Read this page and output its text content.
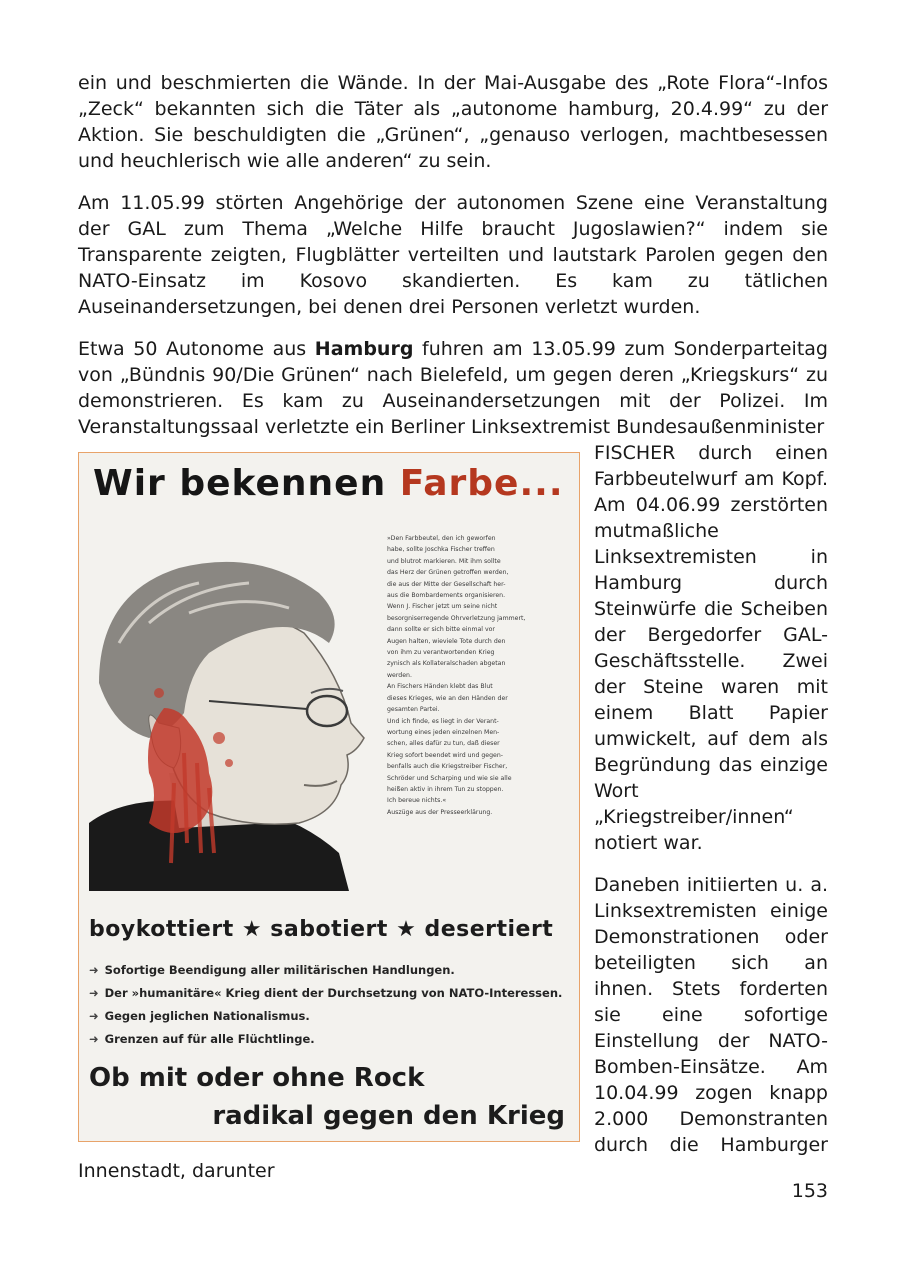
ein und beschmierten die Wände. In der Mai-Ausgabe des „Rote Flora“-Infos „Zeck“ bekannten sich die Täter als „autonome hamburg, 20.4.99“ zu der Aktion. Sie beschuldigten die „Grünen“, „genauso verlogen, machtbesessen und heuchlerisch wie alle anderen“ zu sein.

Am 11.05.99 störten Angehörige der autonomen Szene eine Veranstaltung der GAL zum Thema „Welche Hilfe braucht Jugoslawien?“ indem sie Transparente zeigten, Flugblätter verteilten und lautstark Parolen gegen den NATO-Einsatz im Kosovo skandierten. Es kam zu tätlichen Auseinandersetzungen, bei denen drei Personen verletzt wurden.

Etwa 50 Autonome aus Hamburg fuhren am 13.05.99 zum Sonderparteitag von „Bündnis 90/Die Grünen“ nach Bielefeld, um gegen deren „Kriegskurs“ zu demonstrieren. Es kam zu Auseinandersetzungen mit der Polizei. Im Veranstaltungssaal verletzte ein Berliner Linksextremist Bundesaußenminister

Wir bekennen Farbe...

»Den Farbbeutel, den ich geworfen

habe, sollte Joschka Fischer treffen

und blutrot markieren. Mit ihm sollte

das Herz der Grünen getroffen werden,

die aus der Mitte der Gesellschaft her-

aus die Bombardements organisieren.

Wenn J. Fischer jetzt um seine nicht

besorgniserregende Ohrverletzung jammert,

dann sollte er sich bitte einmal vor

Augen halten, wieviele Tote durch den

von ihm zu verantwortenden Krieg

zynisch als Kollateralschaden abgetan

werden.

An Fischers Händen klebt das Blut

dieses Krieges, wie an den Händen der

gesamten Partei.

Und ich finde, es liegt in der Verant-

wortung eines jeden einzelnen Men-

schen, alles dafür zu tun, daß dieser

Krieg sofort beendet wird und gegen-

benfalls auch die Kriegstreiber Fischer,

Schröder und Scharping und wie sie alle

heißen aktiv in ihrem Tun zu stoppen.

Ich bereue nichts.«

Auszüge aus der Presseerklärung.

boykottiert ★ sabotiert ★ desertiert
➜ Sofortige Beendigung aller militärischen Handlungen.
➜ Der »humanitäre« Krieg dient der Durchsetzung von NATO-Interessen.
➜ Gegen jeglichen Nationalismus.
➜ Grenzen auf für alle Flüchtlinge.
Ob mit oder ohne Rock
radikal gegen den Krieg

FISCHER durch einen Farbbeutelwurf am Kopf. Am 04.06.99 zerstörten mutmaßliche Linksextremisten in Hamburg durch Steinwürfe die Scheiben der Bergedorfer GAL-Geschäftsstelle. Zwei der Steine waren mit einem Blatt Papier umwickelt, auf dem als Begründung das einzige Wort „Kriegstreiber/innen“ notiert war.

Daneben initiierten u. a. Linksextremisten einige Demonstrationen oder beteiligten sich an ihnen. Stets forderten sie eine sofortige Einstellung der NATO-Bomben-Einsätze. Am 10.04.99 zogen knapp 2.000 Demonstranten durch die Hamburger Innenstadt, darunter

153
